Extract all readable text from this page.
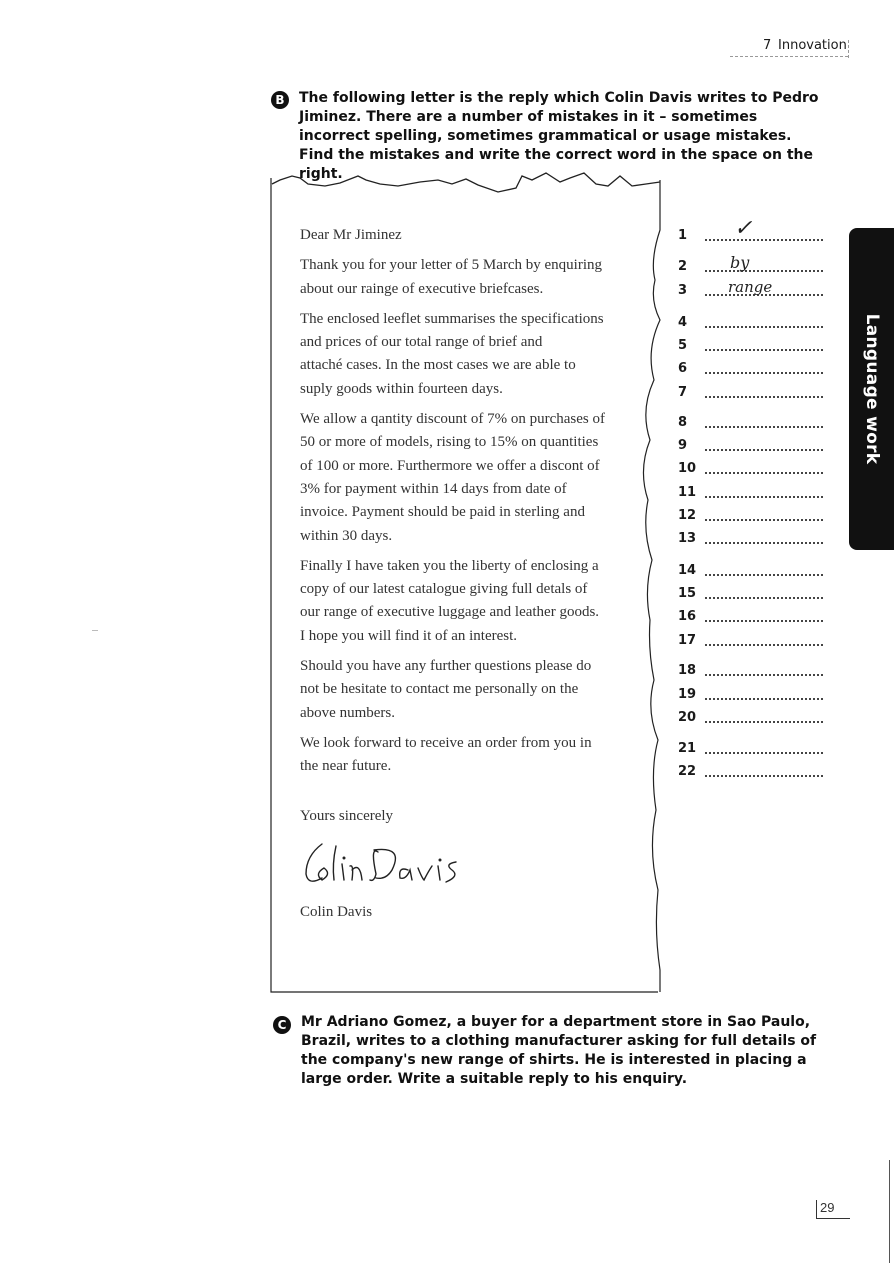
7 Innovation
B	The following letter is the reply which Colin Davis writes to Pedro Jiminez. There are a number of mistakes in it – sometimes incorrect spelling, sometimes grammatical or usage mistakes. Find the mistakes and write the correct word in the space on the right.

Dear Mr Jiminez

Thank you for your letter of 5 March by enquiring

about our rainge of executive briefcases.

The enclosed leeflet summarises the specifications

and prices of our total range of brief and

attaché cases. In the most cases we are able to

suply goods within fourteen days.

We allow a qantity discount of 7% on purchases of

50 or more of models, rising to 15% on quantities

of 100 or more. Furthermore we offer a discont of

3% for payment within 14 days from date of

invoice. Payment should be paid in sterling and

within 30 days.

Finally I have taken you the liberty of enclosing a

copy of our latest catalogue giving full detals of

our range of executive luggage and leather goods.

I hope you will find it of an interest.

Should you have any further questions please do

not be hesitate to contact me personally on the

above numbers.

We look forward to receive an order from you in

the near future.

Yours sincerely

Colin Davis

1 ✓
2	by
3	range
4
5
6
7
8
9
10
11
12
13
14
15
16
17
18
19
20
21
22
Language work
C	Mr Adriano Gomez, a buyer for a department store in Sao Paulo, Brazil, writes to a clothing manufacturer asking for full details of the company's new range of shirts. He is interested in placing a large order. Write a suitable reply to his enquiry.
29
